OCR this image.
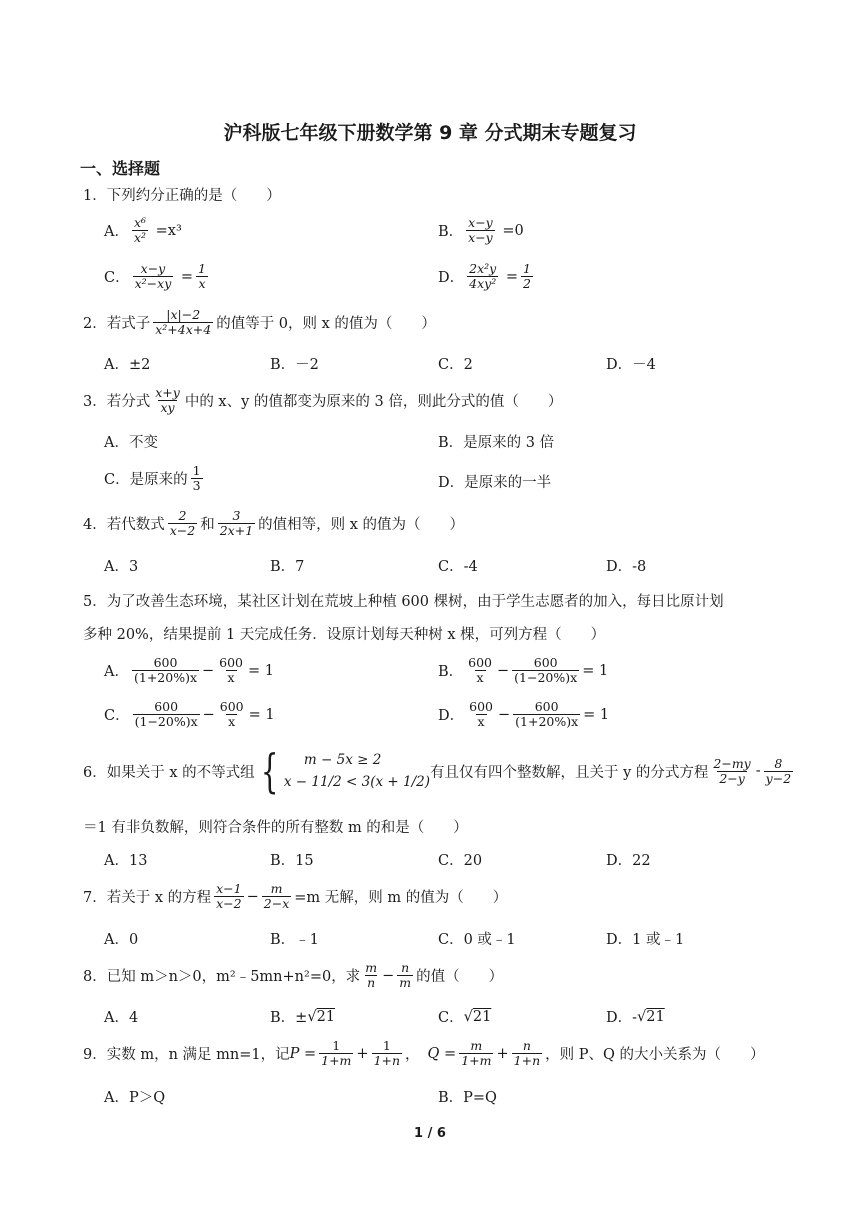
沪科版七年级下册数学第 9 章 分式期末专题复习
一、选择题
1．下列约分正确的是（　　）
A． $\frac{\text{x⁶}}{\text{x²}}$
=x³	B． $\frac{x-y}{x-y}$
=0
C． $\frac{x-y}{\text{x²−xy}}$
= $\frac{1}{x}$	D． $\frac{\text{2x²y}}{\text{4xy²}}$
= $\frac{1}{2}$
2．若式子 $\frac{|x|-2}{\text{x²+4x+4}}$ 的值等于 0，则 x 的值为（　　）
A．±2	B．－2	C．2	D．－4
3．若分式 $\frac{x+y}{xy}$ 中的 x、y 的值都变为原来的 3 倍，则此分式的值（　　）
A．不变	B．是原来的 3 倍
C．是原来的 $\frac{1}{3}$	D．是原来的一半
4．若代数式 $\frac{2}{x-2}$ 和 $\frac{3}{2x+1}$ 的值相等，则 x 的值为（　　）
A．3	B．7	C．-4	D．-8
5．为了改善生态环境，某社区计划在荒坡上种植 600 棵树，由于学生志愿者的加入，每日比原计划
多种 20%，结果提前 1 天完成任务．设原计划每天种树 x 棵，可列方程（　　）
A． $\frac{600}{(1+20\%)x} - \frac{600}{x} = 1$	B． $\frac{600}{x} - \frac{600}{(1-20\%)x} = 1$
C． $\frac{600}{(1-20\%)x} - \frac{600}{x} = 1$	D． $\frac{600}{x} - \frac{600}{(1+20\%)x} = 1$
6．如果关于 x 的不等式组 {	m − 5x ≥ 2
x − 11/2 < 3(x + 1/2)
有且仅有四个整数解，且关于 y 的分式方程 $\frac{2-my}{2-y} - \frac{8}{y-2}$
＝1 有非负数解，则符合条件的所有整数 m 的和是（　　）
A．13	B．15	C．20	D．22
7．若关于 x 的方程 $\frac{x-1}{x-2} - \frac{m}{2-x} =m$ 无解，则 m 的值为（　　）
A．0	B．﹣1	C．0 或﹣1	D．1 或﹣1
8．已知 m＞n＞0，m²﹣5mn+n²=0，求 $\frac{m}{n} - \frac{n}{m}$ 的值（　　）
A．4	B．± √ 21	C． √ 21	D．- √ 21
9．实数 m，n 满足 mn=1，记 $P = \frac{1}{1+m} + \frac{1}{1+n}$ ， $Q = \frac{m}{1+m} + \frac{n}{1+n}$ ，则 P、Q 的大小关系为（　　）
A．P＞Q	B．P=Q
1 / 6
